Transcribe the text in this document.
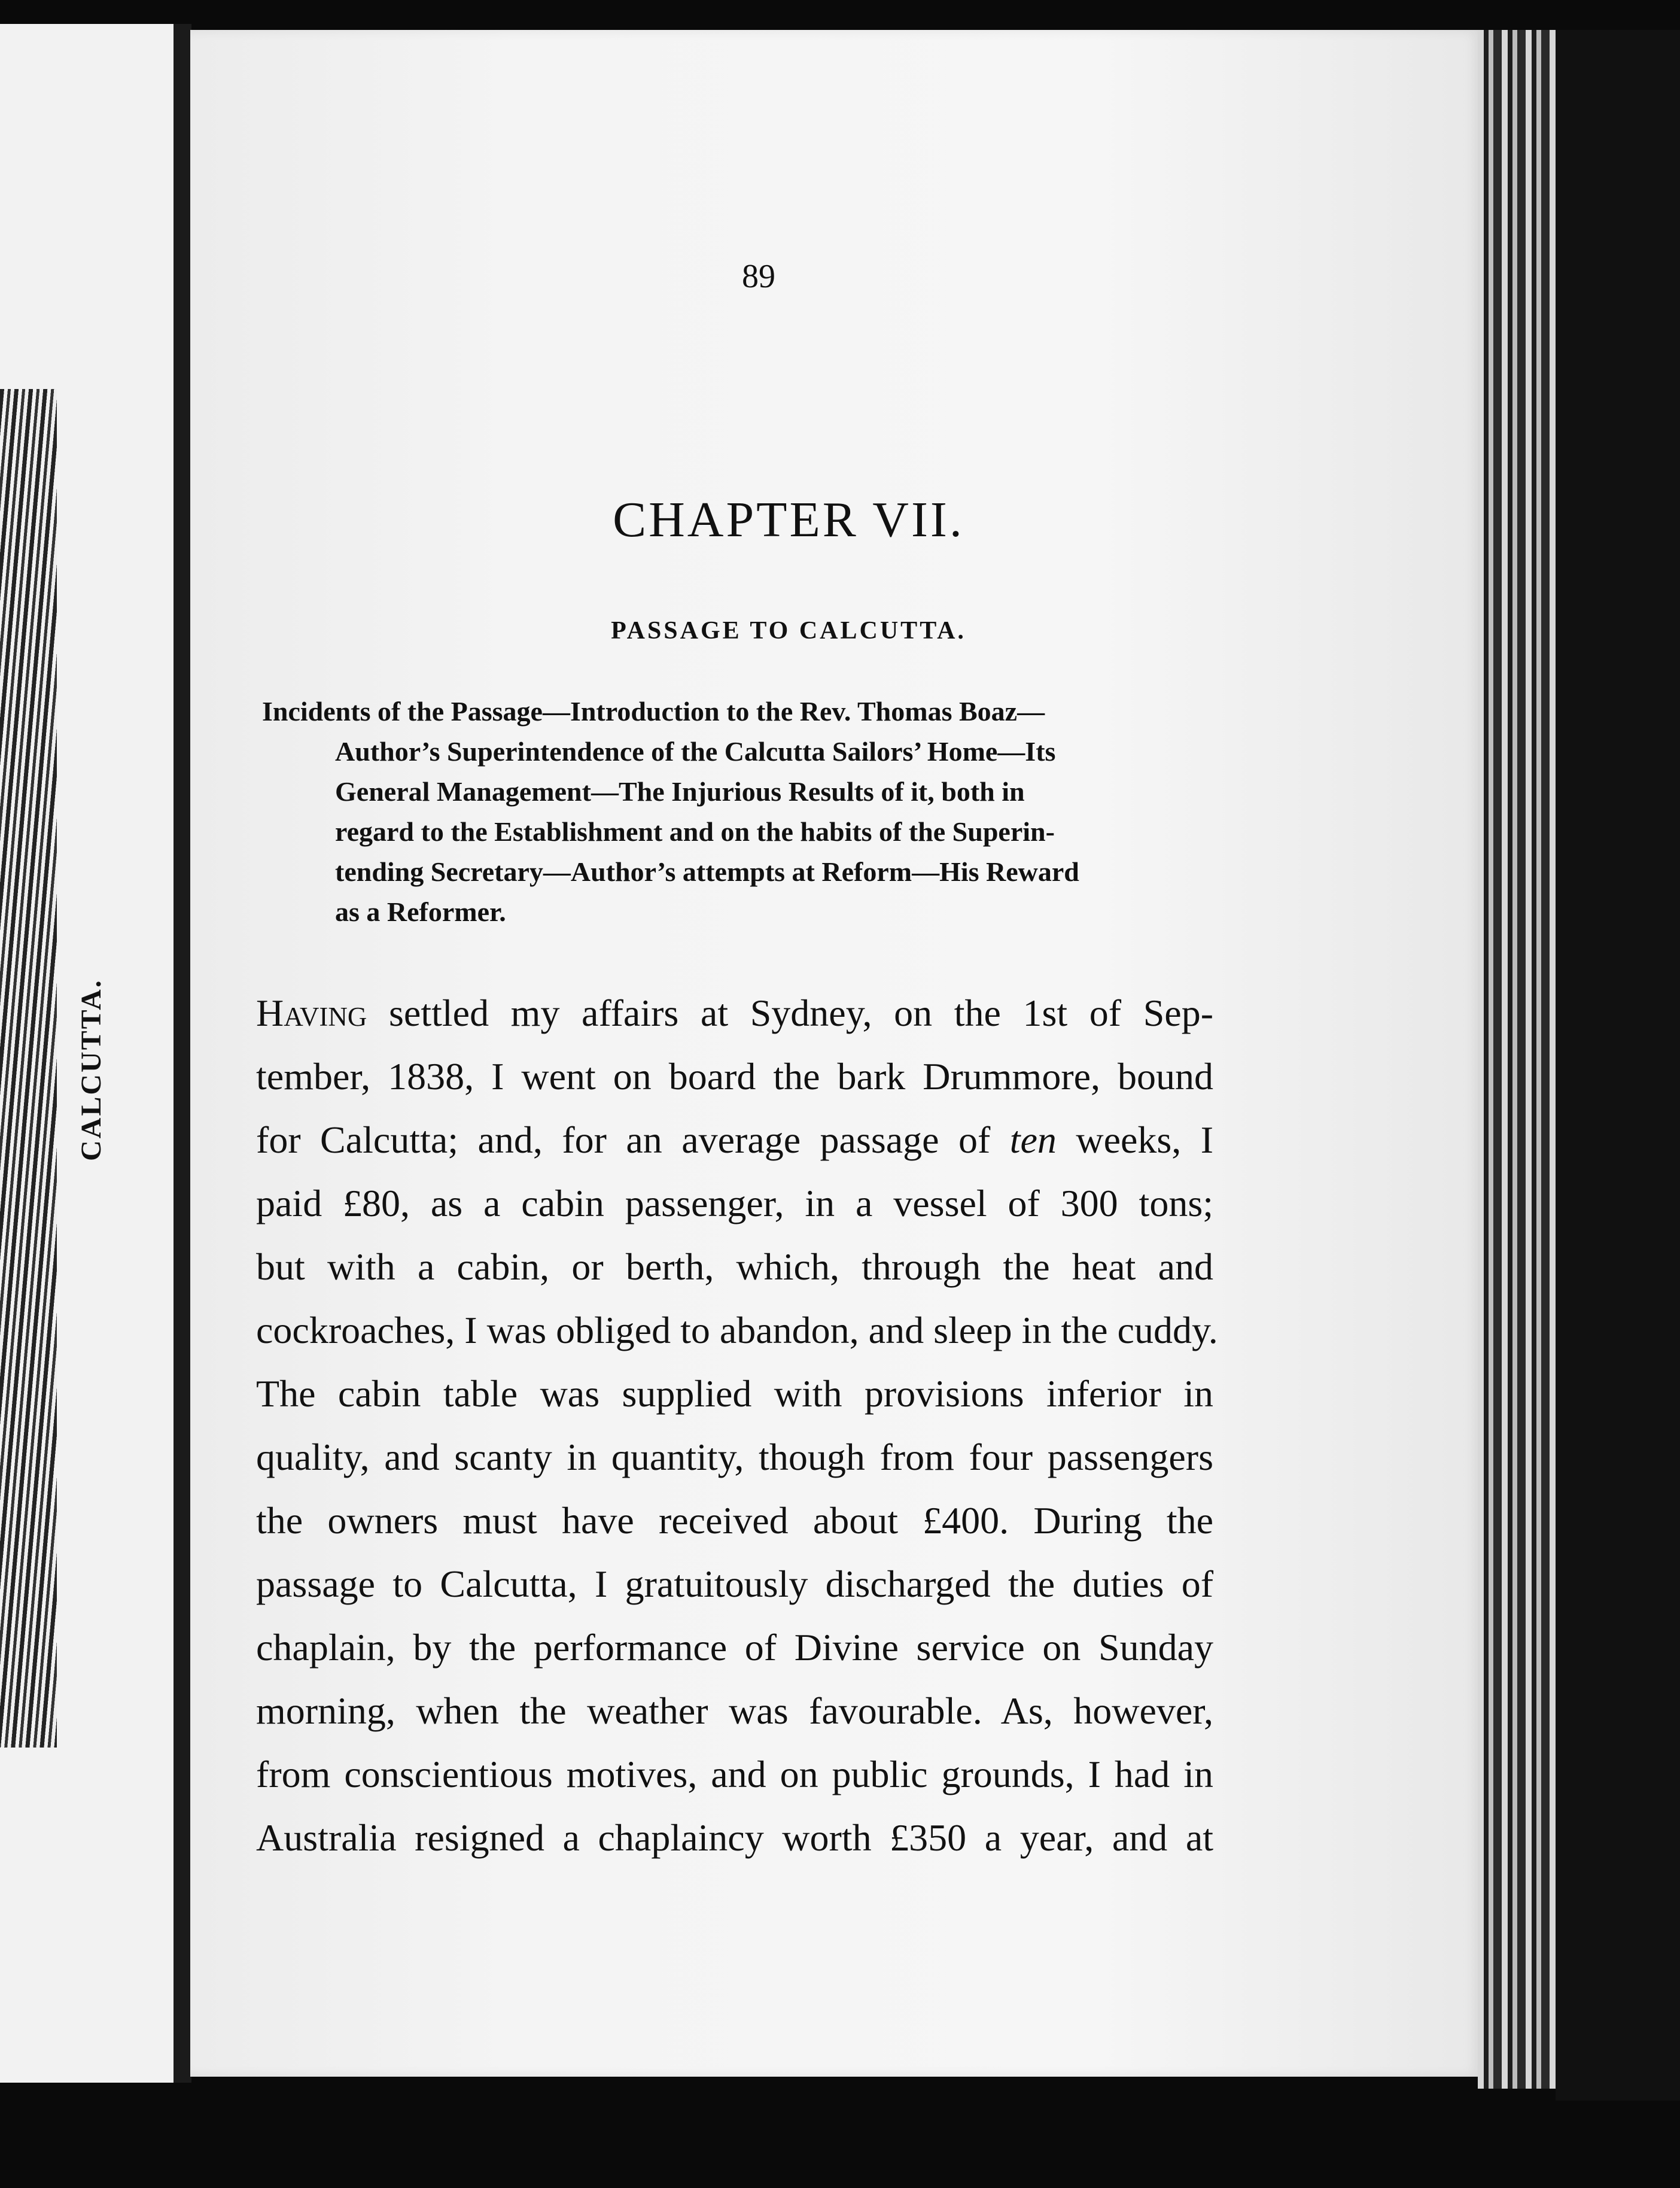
CALCUTTA.
89
CHAPTER VII.
PASSAGE TO CALCUTTA.
Incidents of the Passage—Introduction to the Rev. Thomas Boaz—
Author’s Superintendence of the Calcutta Sailors’ Home—Its
General Management—The Injurious Results of it, both in
regard to the Establishment and on the habits of the Superin-
tending Secretary—Author’s attempts at Reform—His Reward
as a Reformer.
Having settled my affairs at Sydney, on the 1st of Sep-
tember, 1838, I went on board the bark Drummore, bound
for Calcutta; and, for an average passage of ten weeks, I
paid £80, as a cabin passenger, in a vessel of 300 tons;
but with a cabin, or berth, which, through the heat and
cockroaches, I was obliged to abandon, and sleep in the cuddy.
The cabin table was supplied with provisions inferior in
quality, and scanty in quantity, though from four passengers
the owners must have received about £400. During the
passage to Calcutta, I gratuitously discharged the duties of
chaplain, by the performance of Divine service on Sunday
morning, when the weather was favourable. As, however,
from conscientious motives, and on public grounds, I had in
Australia resigned a chaplaincy worth £350 a year, and at
